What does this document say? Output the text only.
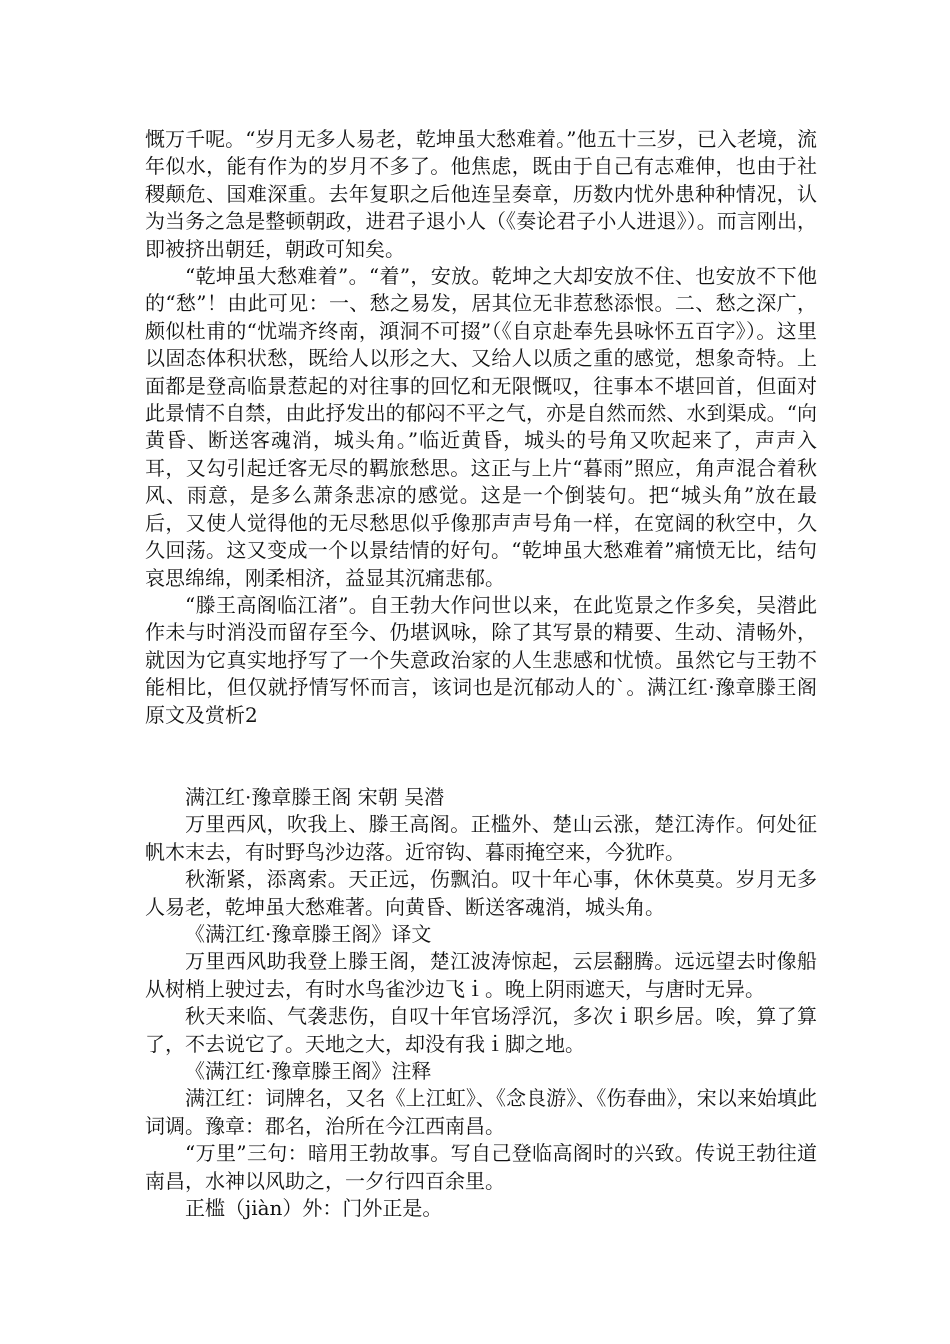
慨万千呢。“岁月无多人易老，乾坤虽大愁难着。”他五十三岁，已入老境，流年似水，能有作为的岁月不多了。他焦虑，既由于自己有志难伸，也由于社稷颠危、国难深重。去年复职之后他连呈奏章，历数内忧外患种种情况，认为当务之急是整顿朝政，进君子退小人（《奏论君子小人进退》）。而言刚出，即被挤出朝廷，朝政可知矣。

“乾坤虽大愁难着”。“着”，安放。乾坤之大却安放不住、也安放不下他的“愁”！由此可见：一、愁之易发，居其位无非惹愁添恨。二、愁之深广，颇似杜甫的“忧端齐终南，澒洞不可掇”（《自京赴奉先县咏怀五百字》）。这里以固态体积状愁，既给人以形之大、又给人以质之重的感觉，想象奇特。上面都是登高临景惹起的对往事的回忆和无限慨叹，往事本不堪回首，但面对此景情不自禁，由此抒发出的郁闷不平之气，亦是自然而然、水到渠成。“向黄昏、断送客魂消，城头角。”临近黄昏，城头的号角又吹起来了，声声入耳，又勾引起迁客无尽的羁旅愁思。这正与上片“暮雨”照应，角声混合着秋风、雨意，是多么萧条悲凉的感觉。这是一个倒装句。把“城头角”放在最后，又使人觉得他的无尽愁思似乎像那声声号角一样，在宽阔的秋空中，久久回荡。这又变成一个以景结情的好句。“乾坤虽大愁难着”痛愤无比，结句哀思绵绵，刚柔相济，益显其沉痛悲郁。

“滕王高阁临江渚”。自王勃大作问世以来，在此览景之作多矣，吴潜此作未与时消没而留存至今、仍堪讽咏，除了其写景的精要、生动、清畅外，就因为它真实地抒写了一个失意政治家的人生悲感和忧愤。虽然它与王勃不能相比，但仅就抒情写怀而言，该词也是沉郁动人的`。满江红·豫章滕王阁原文及赏析2

满江红·豫章滕王阁 宋朝 吴潜

万里西风，吹我上、滕王高阁。正槛外、楚山云涨，楚江涛作。何处征帆木末去，有时野鸟沙边落。近帘钩、暮雨掩空来，今犹昨。

秋渐紧，添离索。天正远，伤飘泊。叹十年心事，休休莫莫。岁月无多人易老，乾坤虽大愁难著。向黄昏、断送客魂消，城头角。

《满江红·豫章滕王阁》译文

万里西风助我登上滕王阁，楚江波涛惊起，云层翻腾。远远望去时像船从树梢上驶过去，有时水鸟雀沙边飞ｉ。晚上阴雨遮天，与唐时无异。

秋天来临、气袭悲伤，自叹十年官场浮沉，多次ｉ职乡居。唉，算了算了，不去说它了。天地之大，却没有我ｉ脚之地。

《满江红·豫章滕王阁》注释

满江红：词牌名，又名《上江虹》、《念良游》、《伤春曲》，宋以来始填此词调。豫章：郡名，治所在今江西南昌。

“万里”三句：暗用王勃故事。写自己登临高阁时的兴致。传说王勃往道南昌，水神以风助之，一夕行四百余里。

正槛（jiàn）外：门外正是。
